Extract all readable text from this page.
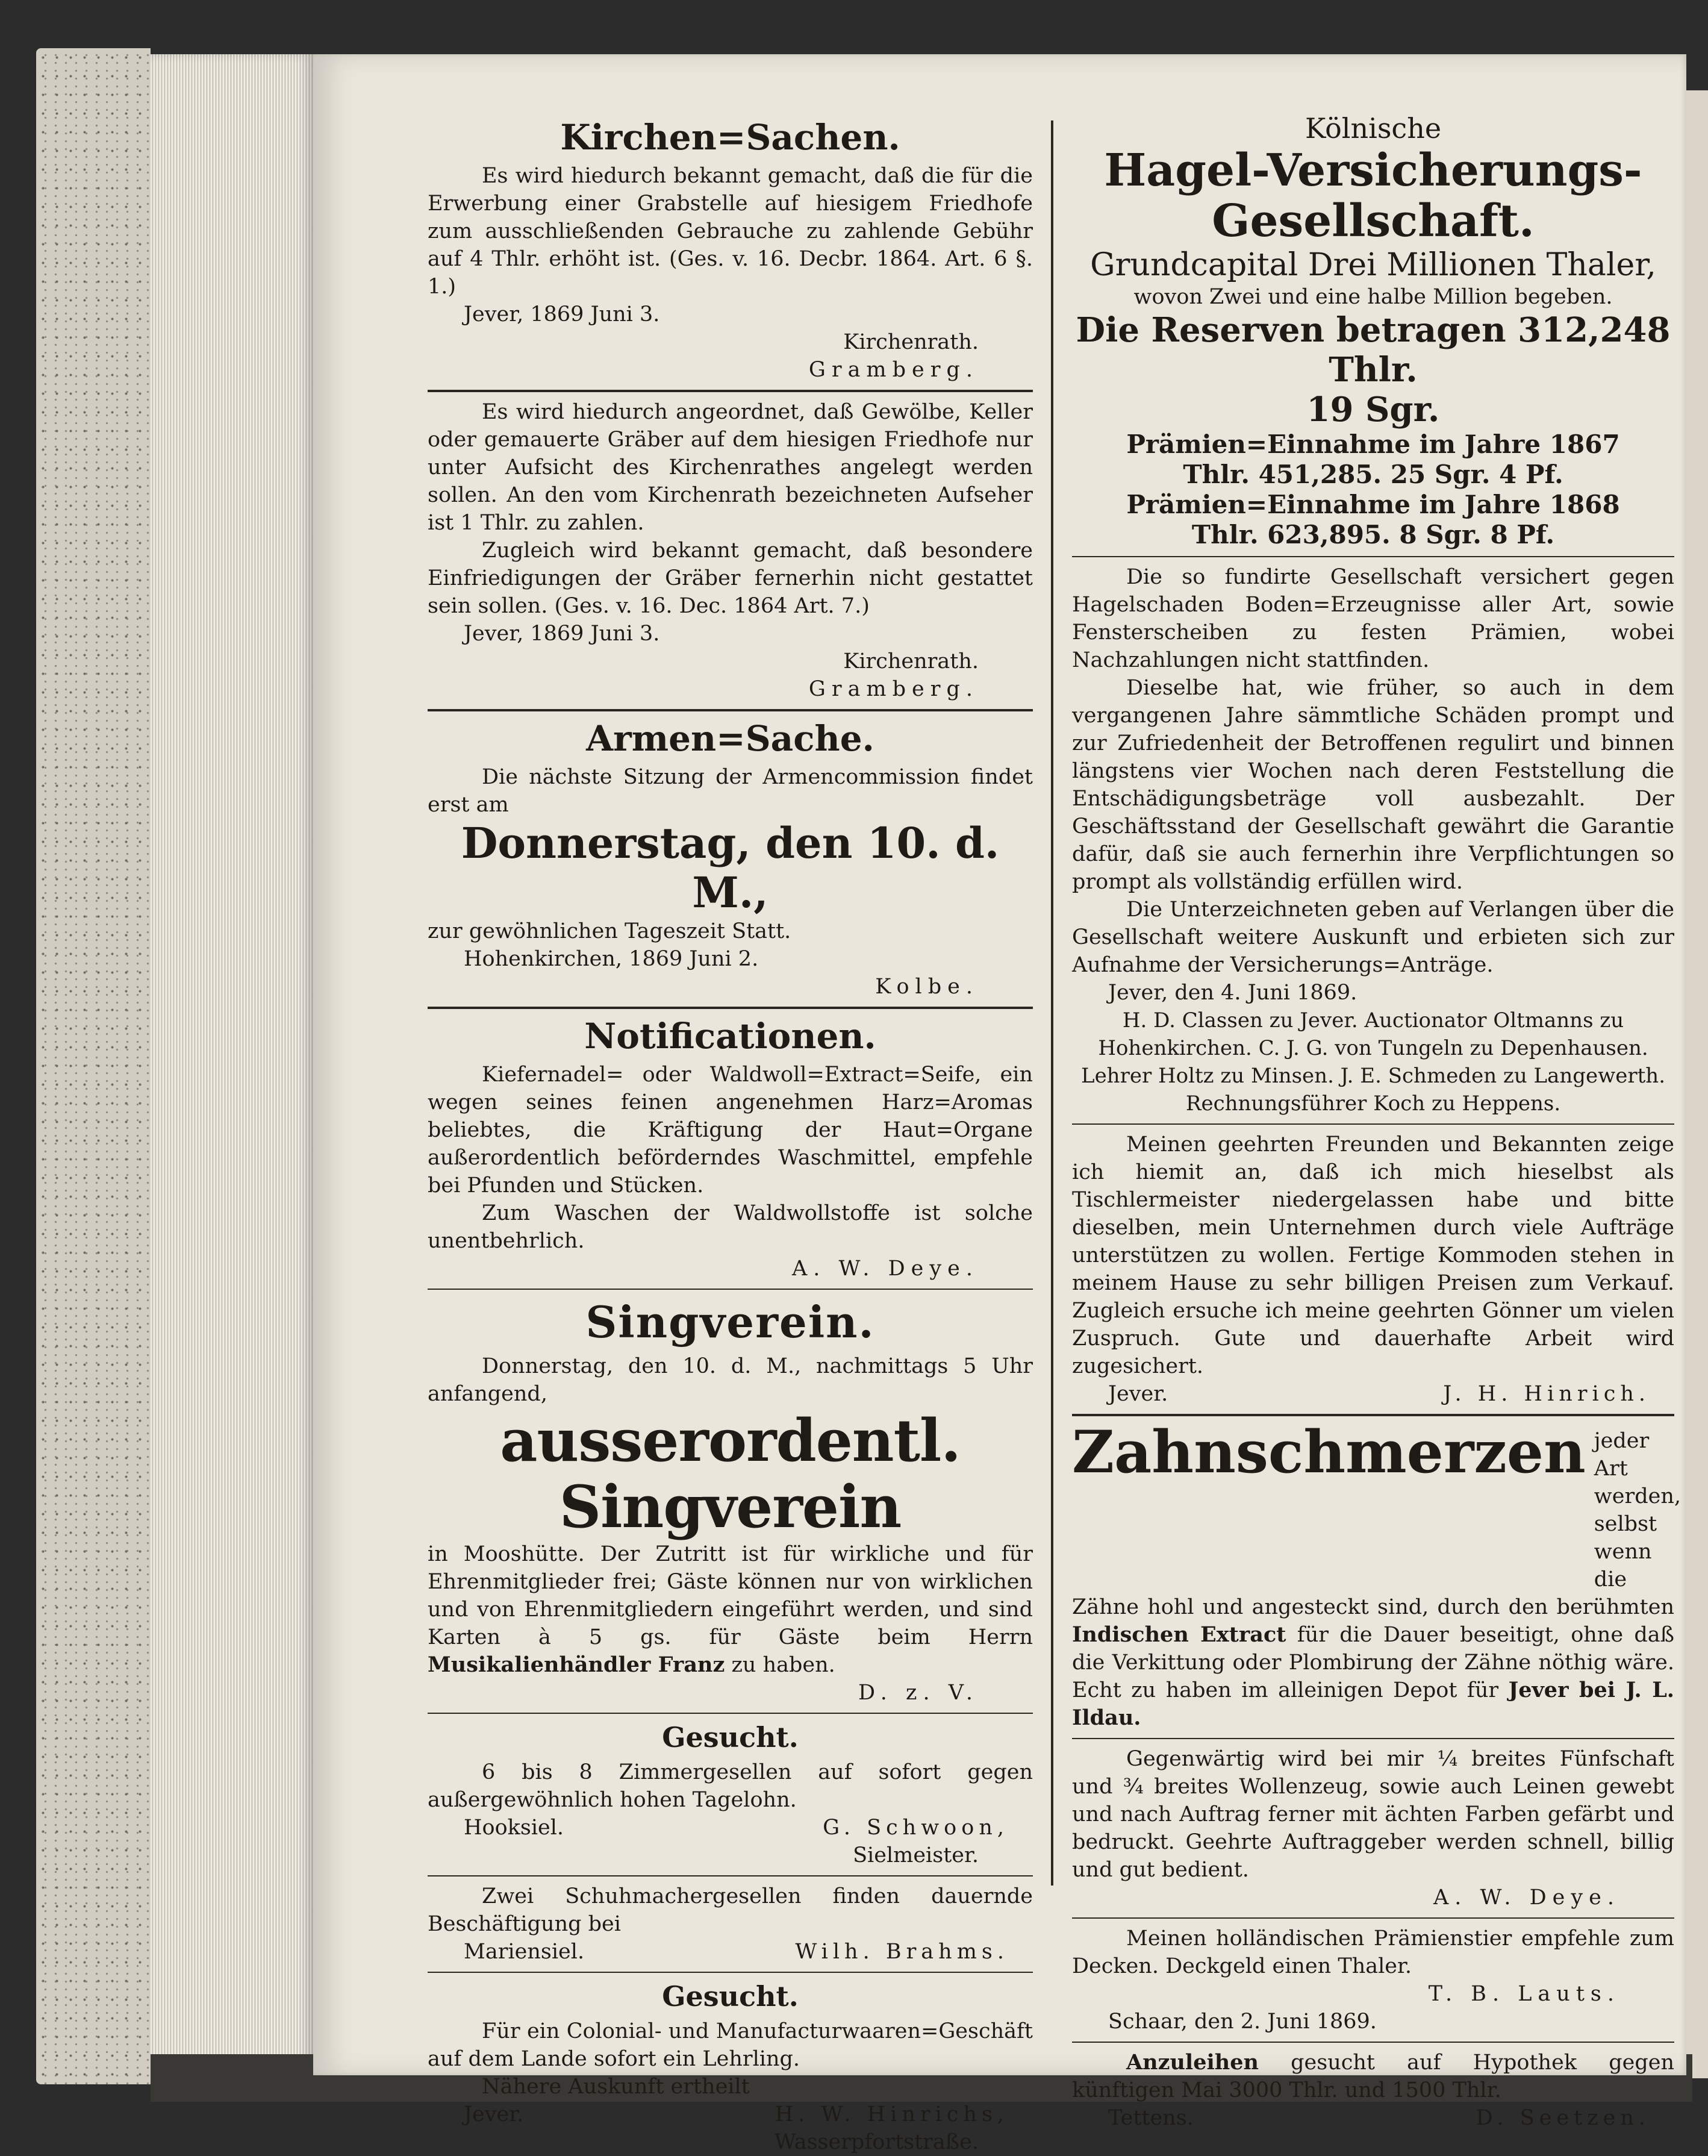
Kirchen=Sachen.

Es wird hiedurch bekannt gemacht, daß die für die Erwerbung einer Grabstelle auf hiesigem Friedhofe zum ausschließenden Gebrauche zu zahlende Gebühr auf 4 Thlr. erhöht ist. (Ges. v. 16. Decbr. 1864. Art. 6 §. 1.)

Jever, 1869 Juni 3.

Kirchenrath.

Gramberg.

Es wird hiedurch angeordnet, daß Gewölbe, Keller oder gemauerte Gräber auf dem hiesigen Friedhofe nur unter Aufsicht des Kirchenrathes angelegt werden sollen. An den vom Kirchenrath bezeichneten Aufseher ist 1 Thlr. zu zahlen.

Zugleich wird bekannt gemacht, daß besondere Einfriedigungen der Gräber fernerhin nicht gestattet sein sollen. (Ges. v. 16. Dec. 1864 Art. 7.)

Jever, 1869 Juni 3.

Kirchenrath.

Gramberg.

Armen=Sache.

Die nächste Sitzung der Armencommission findet erst am

Donnerstag, den 10. d. M.,

zur gewöhnlichen Tageszeit Statt.

Hohenkirchen, 1869 Juni 2.

Kolbe.

Notificationen.

Kiefernadel= oder Waldwoll=Extract=Seife, ein wegen seines feinen angenehmen Harz=Aromas beliebtes, die Kräftigung der Haut=Organe außerordentlich beförderndes Waschmittel, empfehle bei Pfunden und Stücken.

Zum Waschen der Waldwollstoffe ist solche unentbehrlich.

A. W. Deye.

Singverein.

Donnerstag, den 10. d. M., nachmittags 5 Uhr anfangend,

ausserordentl. Singverein

in Mooshütte. Der Zutritt ist für wirkliche und für Ehrenmitglieder frei; Gäste können nur von wirklichen und von Ehrenmitgliedern eingeführt werden, und sind Karten à 5 gs. für Gäste beim Herrn Musikalienhändler Franz zu haben.

D. z. V.

Gesucht.

6 bis 8 Zimmergesellen auf sofort gegen außergewöhnlich hohen Tagelohn.

Hooksiel.	G. Schwoon,

Sielmeister.

Zwei Schuhmachergesellen finden dauernde Beschäftigung bei

Mariensiel.	Wilh. Brahms.
Gesucht.

Für ein Colonial- und Manufacturwaaren=Geschäft auf dem Lande sofort ein Lehrling.

Nähere Auskunft ertheilt

Jever.	H. W. Hinrichs,

Wasserpfortstraße.

Kölnische

Hagel-Versicherungs-

Gesellschaft.

Grundcapital Drei Millionen Thaler,

wovon Zwei und eine halbe Million begeben.

Die Reserven betragen 312,248 Thlr.

19 Sgr.

Prämien=Einnahme im Jahre 1867

Thlr. 451,285. 25 Sgr. 4 Pf.

Prämien=Einnahme im Jahre 1868

Thlr. 623,895. 8 Sgr. 8 Pf.

Die so fundirte Gesellschaft versichert gegen Hagelschaden Boden=Erzeugnisse aller Art, sowie Fensterscheiben zu festen Prämien, wobei Nachzahlungen nicht stattfinden.

Dieselbe hat, wie früher, so auch in dem vergangenen Jahre sämmtliche Schäden prompt und zur Zufriedenheit der Betroffenen regulirt und binnen längstens vier Wochen nach deren Feststellung die Entschädigungsbeträge voll ausbezahlt. Der Geschäftsstand der Gesellschaft gewährt die Garantie dafür, daß sie auch fernerhin ihre Verpflichtungen so prompt als vollständig erfüllen wird.

Die Unterzeichneten geben auf Verlangen über die Gesellschaft weitere Auskunft und erbieten sich zur Aufnahme der Versicherungs=Anträge.

Jever, den 4. Juni 1869.

H. D. Classen zu Jever. Auctionator Oltmanns zu Hohenkirchen. C. J. G. von Tungeln zu Depenhausen. Lehrer Holtz zu Minsen. J. E. Schmeden zu Langewerth. Rechnungsführer Koch zu Heppens.

Meinen geehrten Freunden und Bekannten zeige ich hiemit an, daß ich mich hieselbst als Tischlermeister niedergelassen habe und bitte dieselben, mein Unternehmen durch viele Aufträge unterstützen zu wollen. Fertige Kommoden stehen in meinem Hause zu sehr billigen Preisen zum Verkauf. Zugleich ersuche ich meine geehrten Gönner um vielen Zuspruch. Gute und dauerhafte Arbeit wird zugesichert.

Jever.	J. H. Hinrich.
Zahnschmerzen jeder Art werden, selbst wenn die

Zähne hohl und angesteckt sind, durch den berühmten Indischen Extract für die Dauer beseitigt, ohne daß die Verkittung oder Plombirung der Zähne nöthig wäre. Echt zu haben im alleinigen Depot für Jever bei J. L. Ildau.

Gegenwärtig wird bei mir ¼ breites Fünfschaft und ¾ breites Wollenzeug, sowie auch Leinen gewebt und nach Auftrag ferner mit ächten Farben gefärbt und bedruckt. Geehrte Auftraggeber werden schnell, billig und gut bedient.

A. W. Deye.

Meinen holländischen Prämienstier empfehle zum Decken. Deckgeld einen Thaler.

T. B. Lauts.

Schaar, den 2. Juni 1869.

Anzuleihen gesucht auf Hypothek gegen künftigen Mai 3000 Thlr. und 1500 Thlr.

Tettens.	D. Seetzen.
